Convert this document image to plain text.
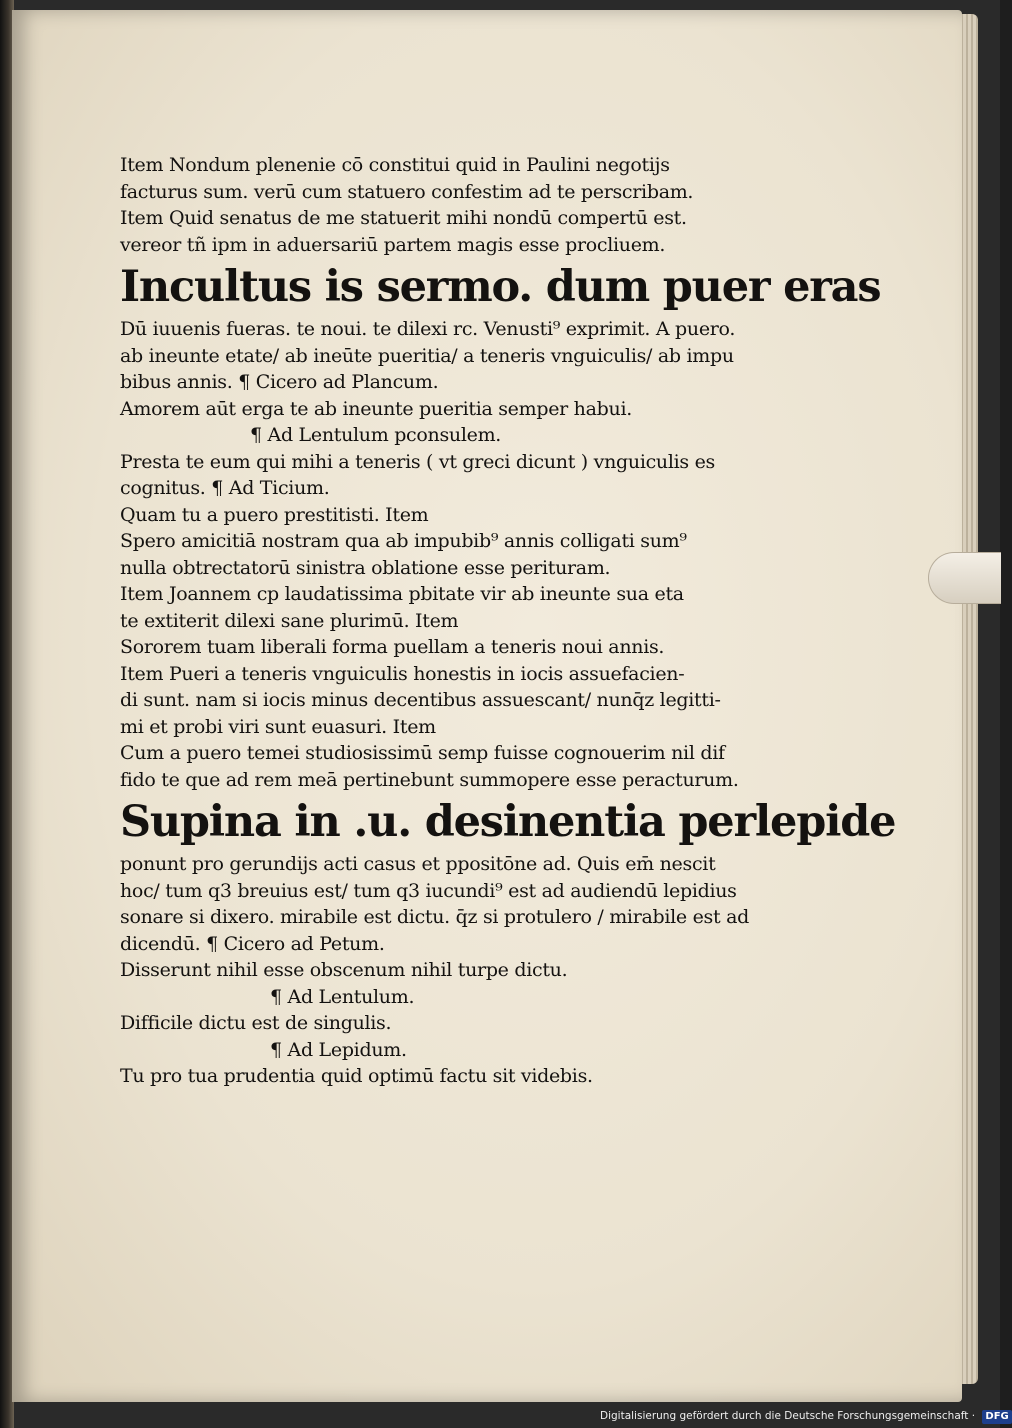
Item Nondum plenenie cō constitui quid in Paulini negotijs
facturus sum. verū cum statuero confestim ad te perscribam.
Item Quid senatus de me statuerit mihi nondū compertū est.
vereor tñ ipm in aduersariū partem magis esse procliuem.
Incultus is sermo. dum puer eras
Dū iuuenis fueras. te noui. te dilexi rc. Venusti⁹ exprimit. A puero.
ab ineunte etate/ ab ineūte pueritia/ a teneris vnguiculis/ ab impu
bibus annis. ¶ Cicero ad Plancum.
Amorem aūt erga te ab ineunte pueritia semper habui.
¶ Ad Lentulum pconsulem.
Presta te eum qui mihi a teneris ( vt greci dicunt ) vnguiculis es
cognitus. ¶ Ad Ticium.
Quam tu a puero prestitisti. Item
Spero amicitiā nostram qua ab impubib⁹ annis colligati sum⁹
nulla obtrectatorū sinistra oblatione esse perituram.
Item Joannem cp laudatissima pbitate vir ab ineunte sua eta
te extiterit dilexi sane plurimū. Item
Sororem tuam liberali forma puellam a teneris noui annis.
Item Pueri a teneris vnguiculis honestis in iocis assuefacien-
di sunt. nam si iocis minus decentibus assuescant/ nunq̄z legitti-
mi et probi viri sunt euasuri. Item
Cum a puero temei studiosissimū semp fuisse cognouerim nil dif
fido te que ad rem meā pertinebunt summopere esse peracturum.
Supina in .u. desinentia perlepide
ponunt pro gerundijs acti casus et ppositōne ad. Quis em̄ nescit
hoc/ tum q3 breuius est/ tum q3 iucundi⁹ est ad audiendū lepidius
sonare si dixero. mirabile est dictu. q̄z si protulero / mirabile est ad
dicendū. ¶ Cicero ad Petum.
Disserunt nihil esse obscenum nihil turpe dictu.
¶ Ad Lentulum.
Difficile dictu est de singulis.
¶ Ad Lepidum.
Tu pro tua prudentia quid optimū factu sit videbis.
Digitalisierung gefördert durch die Deutsche Forschungsgemeinschaft · DFG
